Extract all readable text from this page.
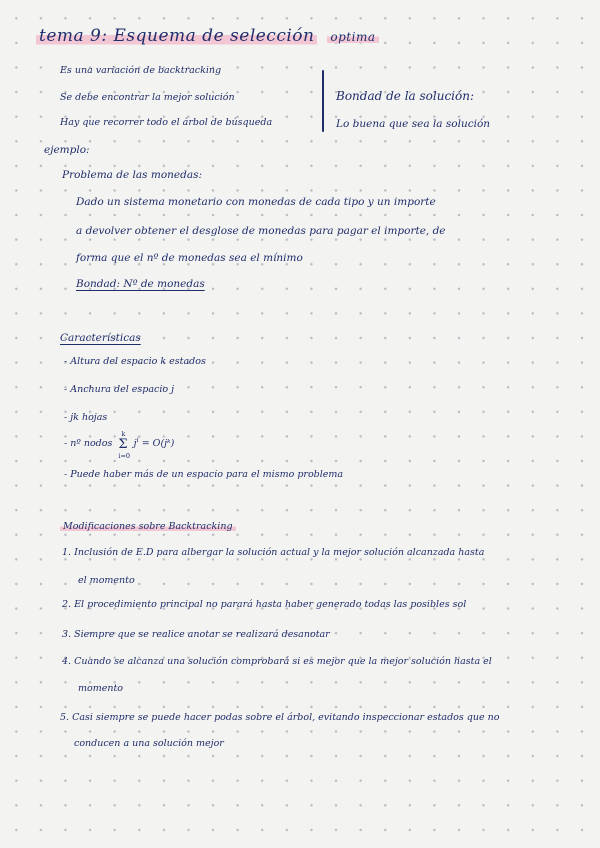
tema 9: Esquema de selección optima
Es una variación de backtracking
Se debe encontrar la mejor solución
Hay que recorrer todo el árbol de búsqueda
Bondad de la solución:
Lo buena que sea la solución
ejemplo:
Problema de las monedas:
Dado un sistema monetario con monedas de cada tipo y un importe
a devolver obtener el desglose de monedas para pagar el importe, de
forma que el nº de monedas sea el mínimo
Bondad: Nº de monedas
Características
- Altura del espacio k estados
- Anchura del espacio j
- jk hojas
- nº nodos Σ
k
i=0
$j^i$ = O(jᵏ)
- Puede haber más de un espacio para el mismo problema
Modificaciones sobre Backtracking
1. Inclusión de E.D para albergar la solución actual y la mejor solución alcanzada hasta
el momento
2. El procedimiento principal no parará hasta haber generado todas las posibles sol
3. Siempre que se realice anotar se realizará desanotar
4. Cuando se alcanza una solución comprobará si es mejor que la mejor solución hasta el
momento
5. Casi siempre se puede hacer podas sobre el árbol, evitando inspeccionar estados que no
conducen a una solución mejor
